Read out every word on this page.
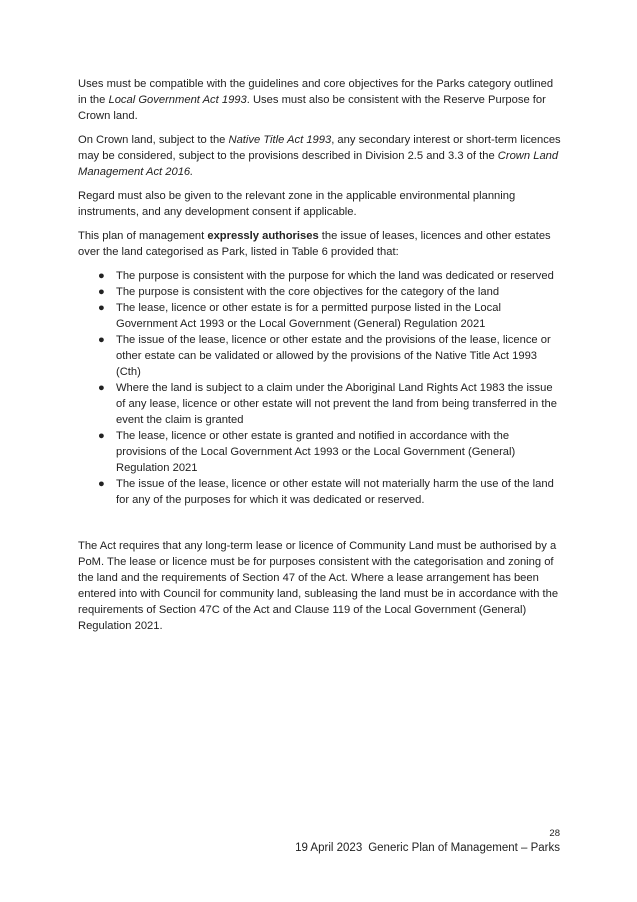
Uses must be compatible with the guidelines and core objectives for the Parks category outlined in the Local Government Act 1993. Uses must also be consistent with the Reserve Purpose for Crown land.

On Crown land, subject to the Native Title Act 1993, any secondary interest or short-term licences may be considered, subject to the provisions described in Division 2.5 and 3.3 of the Crown Land Management Act 2016.

Regard must also be given to the relevant zone in the applicable environmental planning instruments, and any development consent if applicable.

This plan of management expressly authorises the issue of leases, licences and other estates over the land categorised as Park, listed in Table 6 provided that:

● The purpose is consistent with the purpose for which the land was dedicated or reserved
● The purpose is consistent with the core objectives for the category of the land
● The lease, licence or other estate is for a permitted purpose listed in the Local Government Act 1993 or the Local Government (General) Regulation 2021
● The issue of the lease, licence or other estate and the provisions of the lease, licence or other estate can be validated or allowed by the provisions of the Native Title Act 1993 (Cth)
● Where the land is subject to a claim under the Aboriginal Land Rights Act 1983 the issue of any lease, licence or other estate will not prevent the land from being transferred in the event the claim is granted
● The lease, licence or other estate is granted and notified in accordance with the provisions of the Local Government Act 1993 or the Local Government (General) Regulation 2021
● The issue of the lease, licence or other estate will not materially harm the use of the land for any of the purposes for which it was dedicated or reserved.

The Act requires that any long-term lease or licence of Community Land must be authorised by a PoM. The lease or licence must be for purposes consistent with the categorisation and zoning of the land and the requirements of Section 47 of the Act. Where a lease arrangement has been entered into with Council for community land, subleasing the land must be in accordance with the requirements of Section 47C of the Act and Clause 119 of the Local Government (General) Regulation 2021.

28
19 April 2023 Generic Plan of Management – Parks
